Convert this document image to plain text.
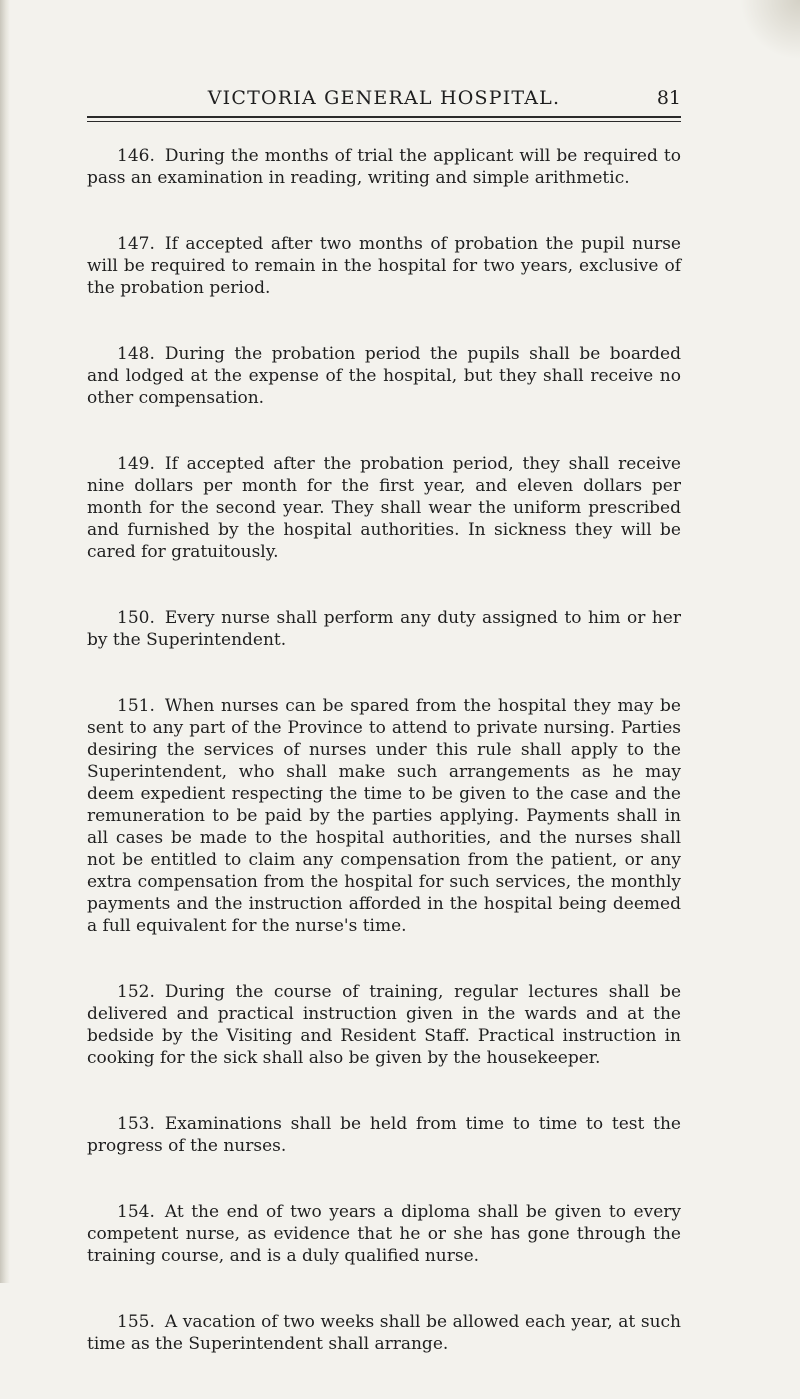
VICTORIA GENERAL HOSPITAL.	81

146. During the months of trial the applicant will be required to pass an examination in reading, writing and simple arithmetic.

147. If accepted after two months of probation the pupil nurse will be required to remain in the hospital for two years, exclusive of the probation period.

148. During the probation period the pupils shall be boarded and lodged at the expense of the hospital, but they shall receive no other compensation.

149. If accepted after the probation period, they shall receive nine dollars per month for the first year, and eleven dollars per month for the second year. They shall wear the uniform prescribed and furnished by the hospital authorities. In sickness they will be cared for gratuitously.

150. Every nurse shall perform any duty assigned to him or her by the Superintendent.

151. When nurses can be spared from the hospital they may be sent to any part of the Province to attend to private nursing. Parties desiring the services of nurses under this rule shall apply to the Superintendent, who shall make such arrangements as he may deem expedient respecting the time to be given to the case and the remuneration to be paid by the parties applying. Payments shall in all cases be made to the hospital authorities, and the nurses shall not be entitled to claim any compensation from the patient, or any extra compensation from the hospital for such services, the monthly payments and the instruction afforded in the hospital being deemed a full equivalent for the nurse's time.

152. During the course of training, regular lectures shall be delivered and practical instruction given in the wards and at the bedside by the Visiting and Resident Staff. Practical instruction in cooking for the sick shall also be given by the housekeeper.

153. Examinations shall be held from time to time to test the progress of the nurses.

154. At the end of two years a diploma shall be given to every competent nurse, as evidence that he or she has gone through the training course, and is a duly qualified nurse.

155. A vacation of two weeks shall be allowed each year, at such time as the Superintendent shall arrange.
